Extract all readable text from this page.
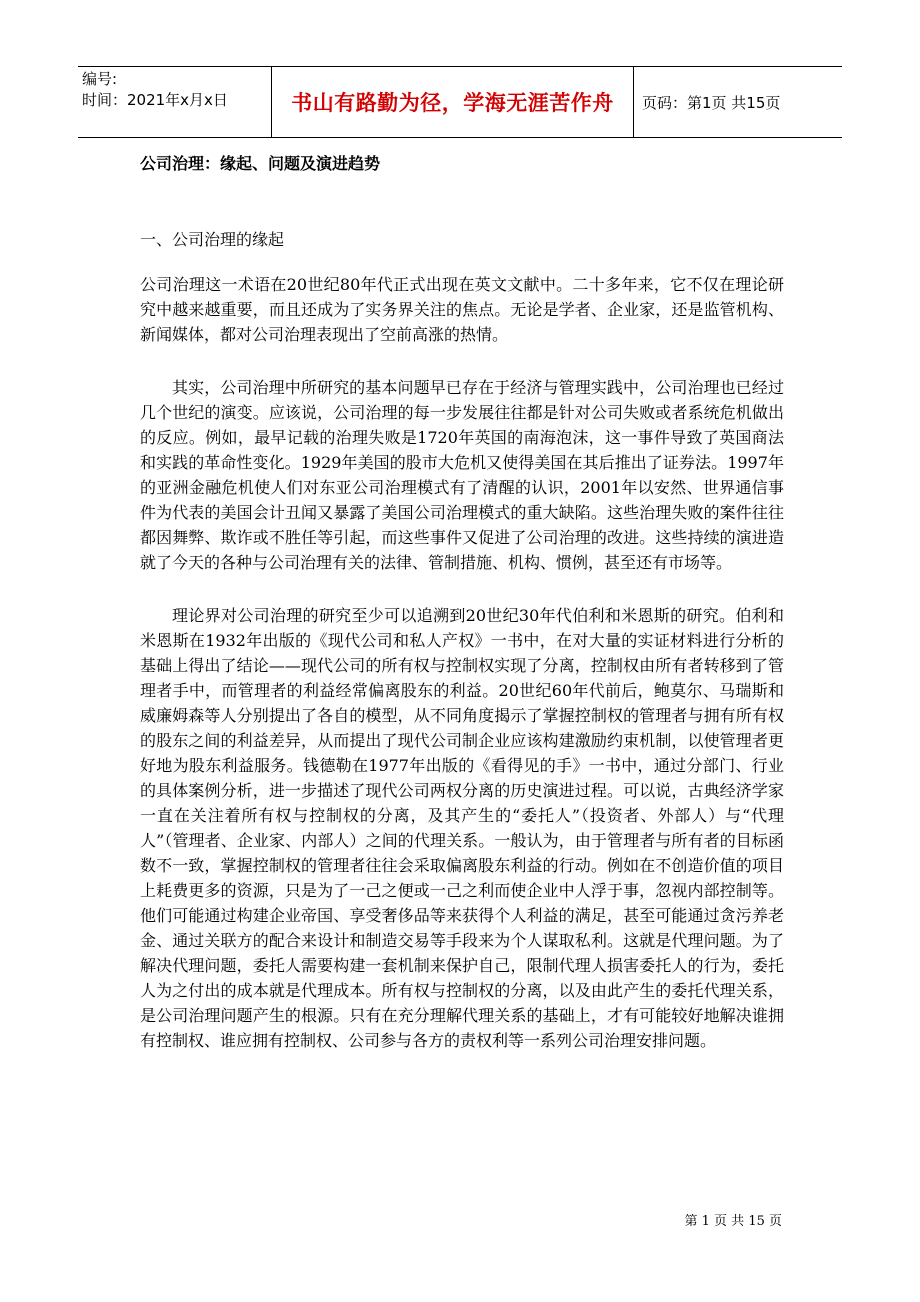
编号:
时间：2021年x月x日	书山有路勤为径，学海无涯苦作舟 页码：第1页 共15页
公司治理：缘起、问题及演进趋势
一、公司治理的缘起

公司治理这一术语在20世纪80年代正式出现在英文文献中。二十多年来，它不仅在理论研究中越来越重要，而且还成为了实务界关注的焦点。无论是学者、企业家，还是监管机构、新闻媒体，都对公司治理表现出了空前高涨的热情。

其实，公司治理中所研究的基本问题早已存在于经济与管理实践中，公司治理也已经过几个世纪的演变。应该说，公司治理的每一步发展往往都是针对公司失败或者系统危机做出的反应。例如，最早记载的治理失败是1720年英国的南海泡沫，这一事件导致了英国商法和实践的革命性变化。1929年美国的股市大危机又使得美国在其后推出了证券法。1997年的亚洲金融危机使人们对东亚公司治理模式有了清醒的认识，2001年以安然、世界通信事件为代表的美国会计丑闻又暴露了美国公司治理模式的重大缺陷。这些治理失败的案件往往都因舞弊、欺诈或不胜任等引起，而这些事件又促进了公司治理的改进。这些持续的演进造就了今天的各种与公司治理有关的法律、管制措施、机构、惯例，甚至还有市场等。

理论界对公司治理的研究至少可以追溯到20世纪30年代伯利和米恩斯的研究。伯利和米恩斯在1932年出版的《现代公司和私人产权》一书中，在对大量的实证材料进行分析的基础上得出了结论——现代公司的所有权与控制权实现了分离，控制权由所有者转移到了管理者手中，而管理者的利益经常偏离股东的利益。20世纪60年代前后，鲍莫尔、马瑞斯和威廉姆森等人分别提出了各自的模型，从不同角度揭示了掌握控制权的管理者与拥有所有权的股东之间的利益差异，从而提出了现代公司制企业应该构建激励约束机制，以使管理者更好地为股东利益服务。钱德勒在1977年出版的《看得见的手》一书中，通过分部门、行业的具体案例分析，进一步描述了现代公司两权分离的历史演进过程。可以说，古典经济学家一直在关注着所有权与控制权的分离，及其产生的“委托人”（投资者、外部人）与“代理人”（管理者、企业家、内部人）之间的代理关系。一般认为，由于管理者与所有者的目标函数不一致，掌握控制权的管理者往往会采取偏离股东利益的行动。例如在不创造价值的项目上耗费更多的资源，只是为了一己之便或一己之利而使企业中人浮于事，忽视内部控制等。他们可能通过构建企业帝国、享受奢侈品等来获得个人利益的满足，甚至可能通过贪污养老金、通过关联方的配合来设计和制造交易等手段来为个人谋取私利。这就是代理问题。为了解决代理问题，委托人需要构建一套机制来保护自己，限制代理人损害委托人的行为，委托人为之付出的成本就是代理成本。所有权与控制权的分离，以及由此产生的委托代理关系，是公司治理问题产生的根源。只有在充分理解代理关系的基础上，才有可能较好地解决谁拥有控制权、谁应拥有控制权、公司参与各方的责权利等一系列公司治理安排问题。

第 1 页 共 15 页
